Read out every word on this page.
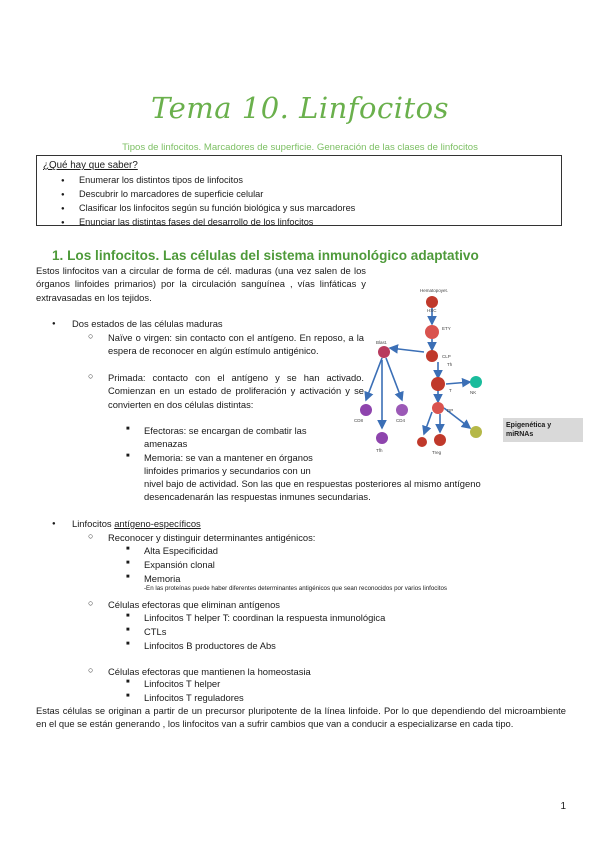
Tema 10. Linfocitos
Tipos de linfocitos. Marcadores de superficie. Generación de las clases de linfocitos
¿Qué hay que saber?
● Enumerar los distintos tipos de linfocitos
● Descubrir lo marcadores de superficie celular
● Clasificar los linfocitos según su función biológica y sus marcadores
● Enunciar las distintas fases del desarrollo de los linfocitos
1. Los linfocitos. Las células del sistema inmunológico adaptativo
Estos linfocitos van a circular de forma de cél. maduras (una vez salen de los órganos linfoides primarios) por la circulación sanguínea , vías linfáticas y extravasadas en los tejidos.
● Dos estados de las células maduras
○ Naïve o virgen: sin contacto con el antígeno. En reposo, a la espera de reconocer en algún estímulo antigénico.
○ Primada: contacto con el antígeno y se han activado. Comienzan en un estado de proliferación y activación y se convierten en dos células distintas:
■ Efectoras: se encargan de combatir las amenazas
■ Memoria: se van a mantener en órganos linfoides primarios y secundarios con un
nivel bajo de actividad. Son las que en respuestas posteriores al mismo antígeno desencadenarán las respuestas inmunes secundarias.
● Linfocitos antígeno-específicos
○ Reconocer y distinguir determinantes antigénicos:
■ Alta Especificidad
■ Expansión clonal
■ Memoria
-En las proteínas puede haber diferentes determinantes antigénicos que sean reconocidos por varios linfocitos
○ Células efectoras que eliminan antígenos
■ Linfocitos T helper T: coordinan la respuesta inmunológica
■ CTLs
■ Linfocitos B productores de Abs
○ Células efectoras que mantienen la homeostasia
■ Linfocitos T helper
■ Linfocitos T reguladores
Estas células se originan a partir de un precursor pluripotente de la línea linfoide. Por lo que dependiendo del microambiente en el que se están generando , los linfocitos van a sufrir cambios que van a conducir a especializarse en cada tipo.
Hematopoyet.
HSC
ETY
CLP
Blast.
T	NK
Th
DP
CD8	CD4
Tfh	Treg
Epigenética y miRNAs
1
